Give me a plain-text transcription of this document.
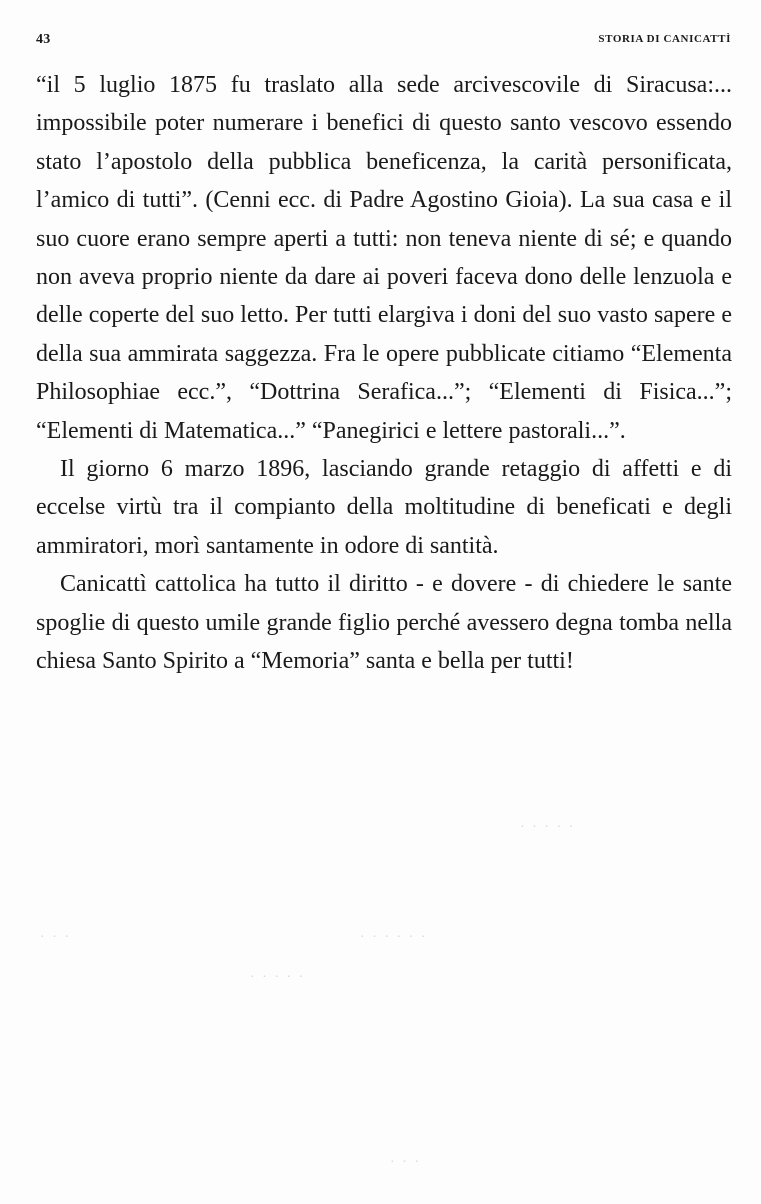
43	STORIA DI CANICATTÌ

“il 5 luglio 1875 fu traslato alla sede arcivescovile di Siracusa:... impossibile poter numerare i benefici di questo santo vescovo essendo stato l’apostolo della pubblica beneficenza, la carità personificata, l’amico di tutti”. (Cenni ecc. di Padre Agostino Gioia). La sua casa e il suo cuore erano sempre aperti a tutti: non teneva niente di sé; e quando non aveva proprio niente da dare ai poveri faceva dono delle lenzuola e delle coperte del suo letto. Per tutti elargiva i doni del suo vasto sapere e della sua ammirata saggezza. Fra le opere pubblicate citiamo “Elementa Philosophiae ecc.”, “Dottrina Serafica...”; “Elementi di Fisica...”; “Elementi di Matematica...” “Panegirici e lettere pastorali...”.

Il giorno 6 marzo 1896, lasciando grande retaggio di affetti e di eccelse virtù tra il compianto della moltitudine di beneficati e degli ammiratori, morì santamente in odore di santità.

Canicattì cattolica ha tutto il diritto - e dovere - di chiedere le sante spoglie di questo umile grande figlio perché avessero degna tomba nella chiesa Santo Spirito a “Memoria” santa e bella per tutti!

· · · · ·
· · ·	· · · · · ·
· · · · ·
· · ·
